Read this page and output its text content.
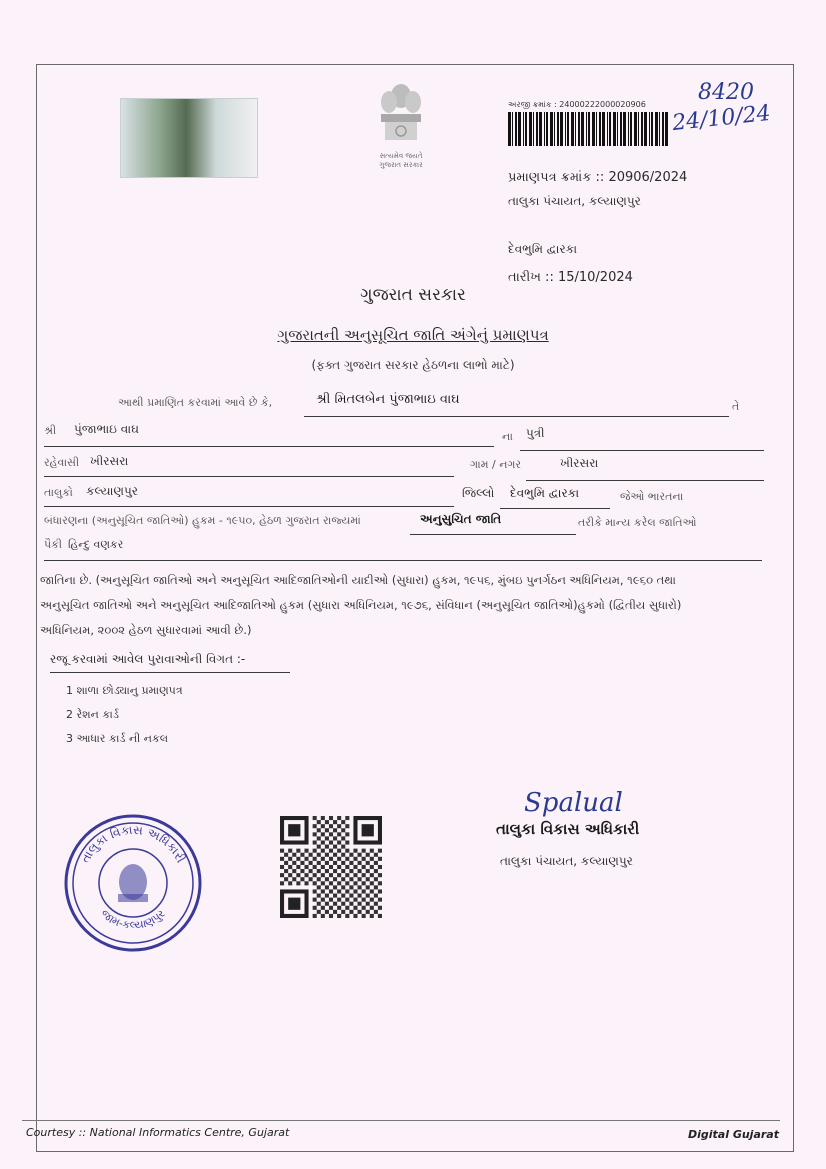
સત્યમેવ જયતે
ગુજરાત સરકાર
અરજી ક્રમાંક : 24000222000020906 8420
24/10/24
પ્રમાણપત્ર ક્રમાંક :: 20906/2024
તાલુકા પંચાયત, કલ્યાણપુર
દેવભુમિ દ્વારકા
તારીખ :: 15/10/2024
ગુજરાત સરકાર
ગુજરાતની અનુસૂચિત જાતિ અંગેનું પ્રમાણપત્ર
(ફક્ત ગુજરાત સરકાર હેઠળના લાભો માટે)
આથી પ્રમાણિત કરવામાં આવે છે કે,	શ્રી મિતલબેન પુંજાભાઇ વાઘ	તે
શ્રી પુંજાભાઇ વાઘ
ના પુત્રી
રહેવાસી ખીરસરા	ગામ / નગર	ખીરસરા
તાલુકો કલ્યાણપુર	જિલ્લો દેવભુમિ દ્વારકા	જેઓ ભારતના
બંધારણના (અનુસૂચિત જાતિઓ) હુકમ - ૧૯૫૦, હેઠળ ગુજરાત રાજ્યમાં	અનુસુચિત જાતિ	તરીકે માન્ય કરેલ જાતિઓ
પૈકી હિન્દુ વણકર
જાતિના છે. (અનુસૂચિત જાતિઓ અને અનુસૂચિત આદિજાતિઓની યાદીઓ (સુધારા) હુકમ, ૧૯૫૬, મુંબઇ પુનર્ગઠન અધિનિયમ, ૧૯૬૦ તથા
અનુસૂચિત જાતિઓ અને અનુસૂચિત આદિજાતિઓ હુકમ (સુધારા અધિનિયમ, ૧૯૭૬, સંવિધાન (અનુસૂચિત જાતિઓ)હુકમો (દ્વિતીય સુધારો)
અધિનિયમ, ૨૦૦૨ હેઠળ સુધારવામાં આવી છે.)
રજૂ કરવામાં આવેલ પુરાવાઓની વિગત :-
1 શાળા છોડ્યાનુ પ્રમાણપત્ર
2 રેશન કાર્ડ
3 આધાર કાર્ડ ની નકલ
Spalual
તાલુકા વિકાસ અધિકારી
તાલુકા પંચાયત, કલ્યાણપુર
તાલુકા વિકાસ અધિકારી
જામ-કલ્યાણપુર
Courtesy :: National Informatics Centre, Gujarat	Digital Gujarat
